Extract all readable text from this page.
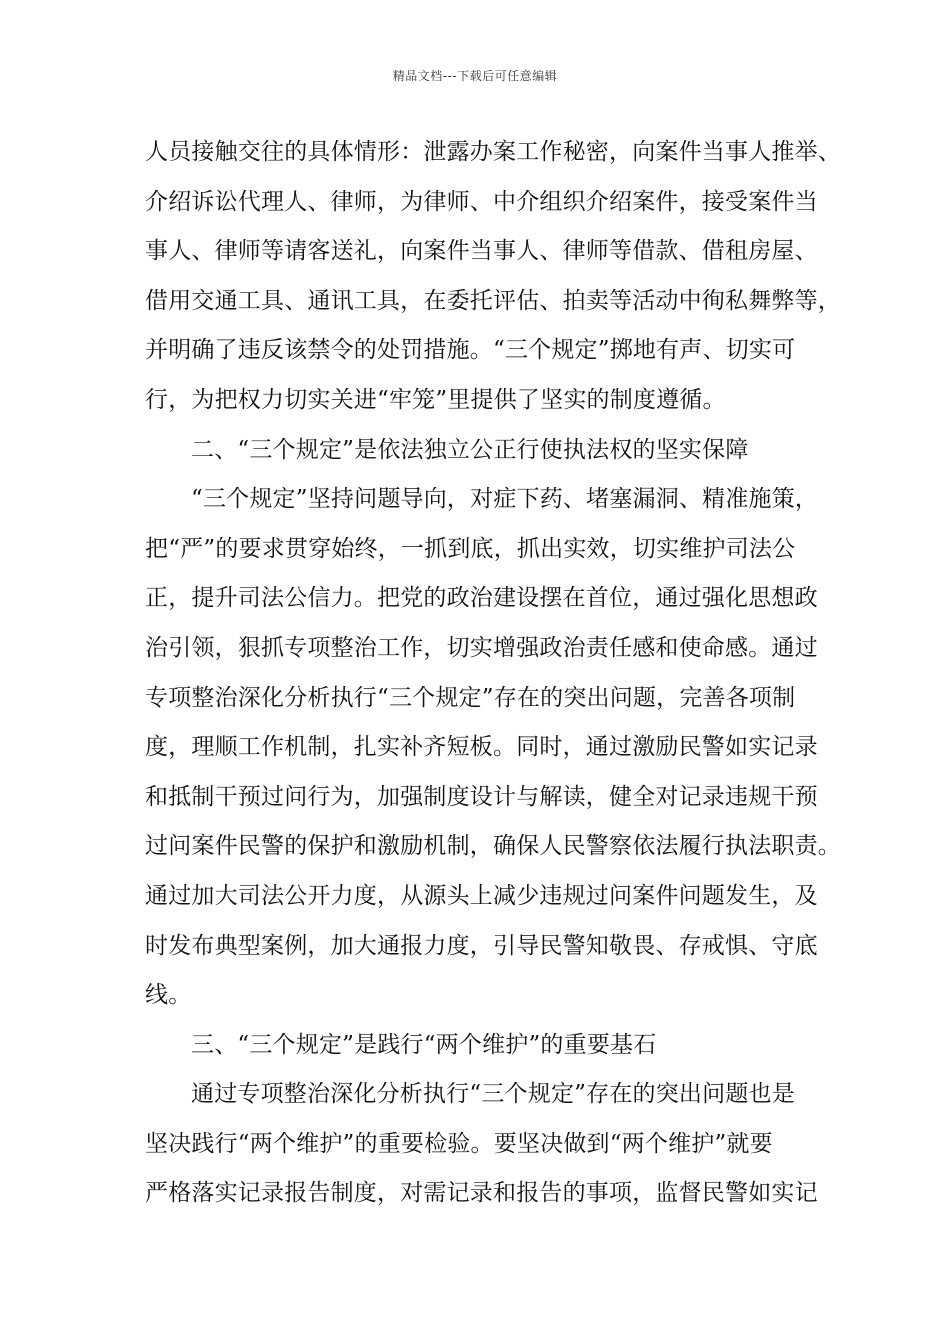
精品文档---下载后可任意编辑
人员接触交往的具体情形：泄露办案工作秘密，向案件当事人推举、
介绍诉讼代理人、律师，为律师、中介组织介绍案件，接受案件当
事人、律师等请客送礼，向案件当事人、律师等借款、借租房屋、
借用交通工具、通讯工具，在委托评估、拍卖等活动中徇私舞弊等，
并明确了违反该禁令的处罚措施。“三个规定”掷地有声、切实可
行，为把权力切实关进“牢笼”里提供了坚实的制度遵循。
二、“三个规定”是依法独立公正行使执法权的坚实保障
“三个规定”坚持问题导向，对症下药、堵塞漏洞、精准施策，
把“严”的要求贯穿始终，一抓到底，抓出实效，切实维护司法公
正，提升司法公信力。把党的政治建设摆在首位，通过强化思想政
治引领，狠抓专项整治工作，切实增强政治责任感和使命感。通过
专项整治深化分析执行“三个规定”存在的突出问题，完善各项制
度，理顺工作机制，扎实补齐短板。同时，通过激励民警如实记录
和抵制干预过问行为，加强制度设计与解读，健全对记录违规干预
过问案件民警的保护和激励机制，确保人民警察依法履行执法职责。
通过加大司法公开力度，从源头上减少违规过问案件问题发生，及
时发布典型案例，加大通报力度，引导民警知敬畏、存戒惧、守底
线。
三、“三个规定”是践行“两个维护”的重要基石
通过专项整治深化分析执行“三个规定”存在的突出问题也是
坚决践行“两个维护”的重要检验。要坚决做到“两个维护”就要
严格落实记录报告制度，对需记录和报告的事项，监督民警如实记
